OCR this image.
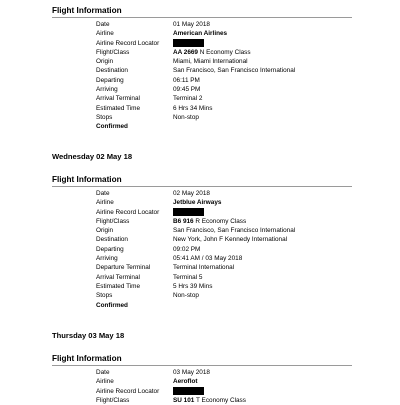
Flight Information
Date	01 May 2018
Airline	American Airlines
Airline Record Locator
Flight/Class	AA 2669 N Economy Class
Origin	Miami, Miami International
Destination	San Francisco, San Francisco International
Departing	06:11 PM
Arriving	09:45 PM
Arrival Terminal	Terminal 2
Estimated Time	6 Hrs 34 Mins
Stops	Non-stop
Confirmed
Wednesday 02 May 18
Flight Information
Date	02 May 2018
Airline	Jetblue Airways
Airline Record Locator
Flight/Class	B6 916 R Economy Class
Origin	San Francisco, San Francisco International
Destination	New York, John F Kennedy International
Departing	09:02 PM
Arriving	05:41 AM / 03 May 2018
Departure Terminal	Terminal International
Arrival Terminal	Terminal 5
Estimated Time	5 Hrs 39 Mins
Stops	Non-stop
Confirmed
Thursday 03 May 18
Flight Information
Date	03 May 2018
Airline	Aeroflot
Airline Record Locator
Flight/Class	SU 101 T Economy Class
